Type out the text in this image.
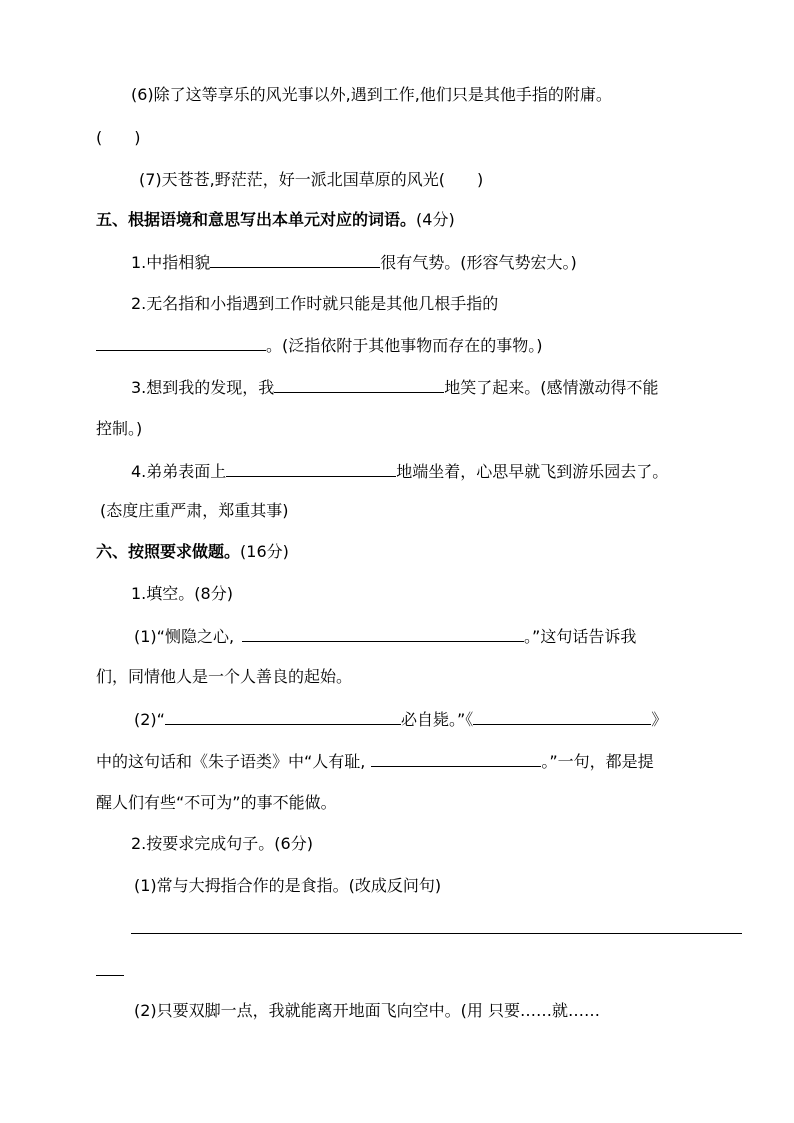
(6)除了这等享乐的风光事以外,遇到工作,他们只是其他手指的附庸。
(　　)
(7)天苍苍,野茫茫，好一派北国草原的风光(　　)
五、根据语境和意思写出本单元对应的词语。(4分)
1.中指相貌	很有气势。(形容气势宏大。)
2.无名指和小指遇到工作时就只能是其他几根手指的
。(泛指依附于其他事物而存在的事物。)
3.想到我的发现，我	地笑了起来。(感情激动得不能
控制。)
4.弟弟表面上	地端坐着，心思早就飞到游乐园去了。
(态度庄重严肃，郑重其事)
六、按照要求做题。(16分)
1.填空。(8分)
(1)“恻隐之心,	。”这句话告诉我
们，同情他人是一个人善良的起始。
(2)“	必自毙。”《	》
中的这句话和《朱子语类》中“人有耻,	。”一句，都是提
醒人们有些“不可为”的事不能做。
2.按要求完成句子。(6分)
(1)常与大拇指合作的是食指。(改成反问句)
(2)只要双脚一点，我就能离开地面飞向空中。(用 只要……就……
